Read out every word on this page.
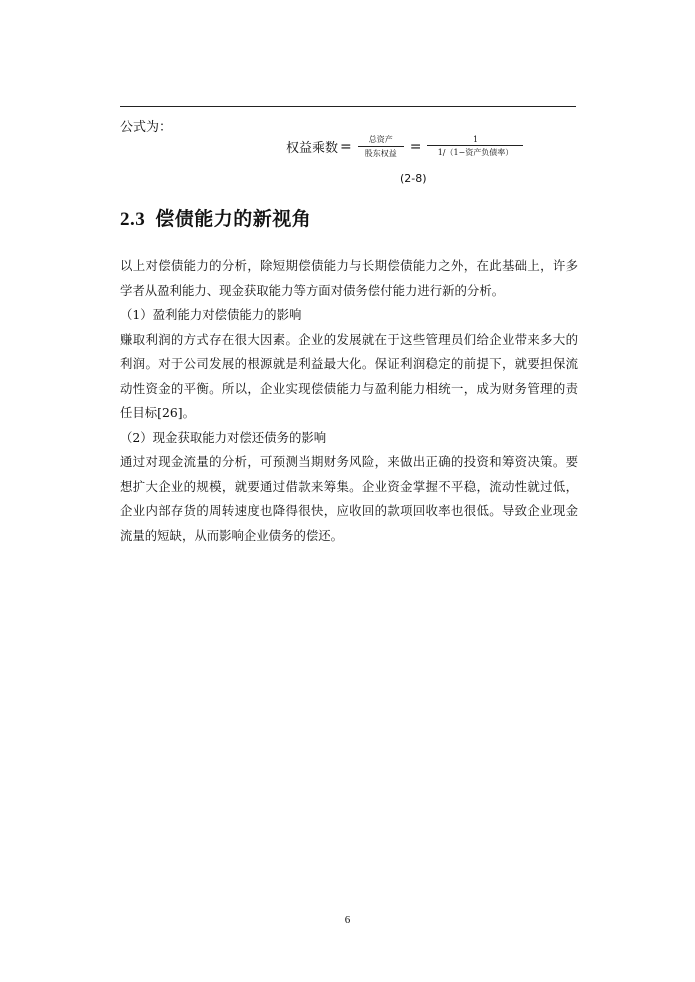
公式为：
权益乘数 = $\frac{\text{总资产}}{\text{股东权益}} = \frac{1}{\text{1/（1−资产负债率）}}$
(2-8)
2.3 偿债能力的新视角

以上对偿债能力的分析，除短期偿债能力与长期偿债能力之外，在此基础上，许多学者从盈利能力、现金获取能力等方面对债务偿付能力进行新的分析。

（1）盈利能力对偿债能力的影响

赚取利润的方式存在很大因素。企业的发展就在于这些管理员们给企业带来多大的利润。对于公司发展的根源就是利益最大化。保证利润稳定的前提下，就要担保流动性资金的平衡。所以，企业实现偿债能力与盈利能力相统一，成为财务管理的责任目标[26]。

（2）现金获取能力对偿还债务的影响

通过对现金流量的分析，可预测当期财务风险，来做出正确的投资和筹资决策。要想扩大企业的规模，就要通过借款来筹集。企业资金掌握不平稳，流动性就过低，企业内部存货的周转速度也降得很快，应收回的款项回收率也很低。导致企业现金流量的短缺，从而影响企业债务的偿还。

6
